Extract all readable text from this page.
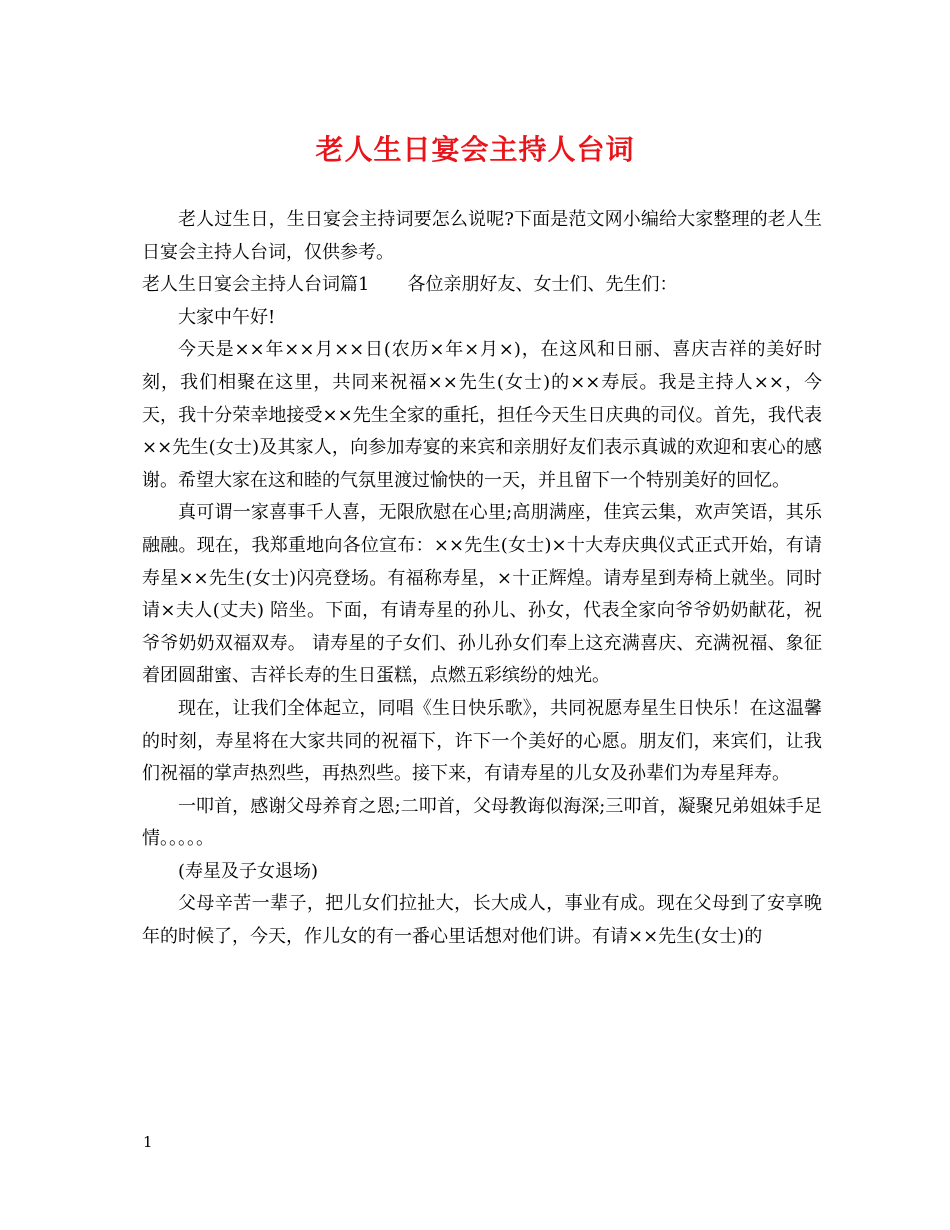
老人生日宴会主持人台词

老人过生日，生日宴会主持词要怎么说呢?下面是范文网小编给大家整理的老人生日宴会主持人台词，仅供参考。

老人生日宴会主持人台词篇1 各位亲朋好友、女士们、先生们：

大家中午好!

今天是××年××月××日(农历×年×月×)，在这风和日丽、喜庆吉祥的美好时刻，我们相聚在这里，共同来祝福××先生(女士)的××寿辰。我是主持人××，今天，我十分荣幸地接受××先生全家的重托，担任今天生日庆典的司仪。首先，我代表××先生(女士)及其家人，向参加寿宴的来宾和亲朋好友们表示真诚的欢迎和衷心的感谢。希望大家在这和睦的气氛里渡过愉快的一天，并且留下一个特别美好的回忆。

真可谓一家喜事千人喜，无限欣慰在心里;高朋满座，佳宾云集，欢声笑语，其乐融融。现在，我郑重地向各位宣布：××先生(女士)×十大寿庆典仪式正式开始，有请寿星××先生(女士)闪亮登场。有福称寿星，×十正辉煌。请寿星到寿椅上就坐。同时请×夫人(丈夫) 陪坐。下面，有请寿星的孙儿、孙女，代表全家向爷爷奶奶献花，祝爷爷奶奶双福双寿。 请寿星的子女们、孙儿孙女们奉上这充满喜庆、充满祝福、象征着团圆甜蜜、吉祥长寿的生日蛋糕，点燃五彩缤纷的烛光。

现在，让我们全体起立，同唱《生日快乐歌》，共同祝愿寿星生日快乐！在这温馨的时刻，寿星将在大家共同的祝福下，许下一个美好的心愿。朋友们，来宾们，让我们祝福的掌声热烈些，再热烈些。接下来，有请寿星的儿女及孙辈们为寿星拜寿。

一叩首，感谢父母养育之恩;二叩首，父母教诲似海深;三叩首，凝聚兄弟姐妹手足情。。。。。

(寿星及子女退场)

父母辛苦一辈子，把儿女们拉扯大，长大成人，事业有成。现在父母到了安享晚年的时候了，今天，作儿女的有一番心里话想对他们讲。有请××先生(女士)的

1
